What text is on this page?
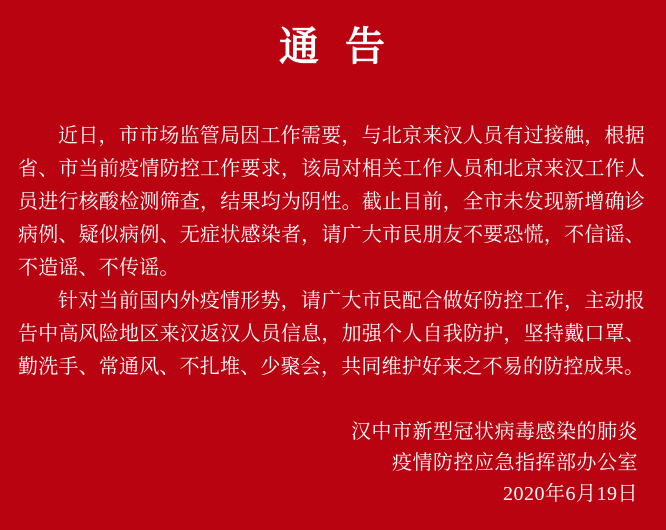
通  告

近日，市市场监管局因工作需要，与北京来汉人员有过接触，根据省、市当前疫情防控工作要求，该局对相关工作人员和北京来汉工作人员进行核酸检测筛查，结果均为阴性。截止目前，全市未发现新增确诊病例、疑似病例、无症状感染者，请广大市民朋友不要恐慌，不信谣、不造谣、不传谣。

针对当前国内外疫情形势，请广大市民配合做好防控工作，主动报告中高风险地区来汉返汉人员信息，加强个人自我防护，坚持戴口罩、勤洗手、常通风、不扎堆、少聚会，共同维护好来之不易的防控成果。

汉中市新型冠状病毒感染的肺炎
疫情防控应急指挥部办公室
2020年6月19日
